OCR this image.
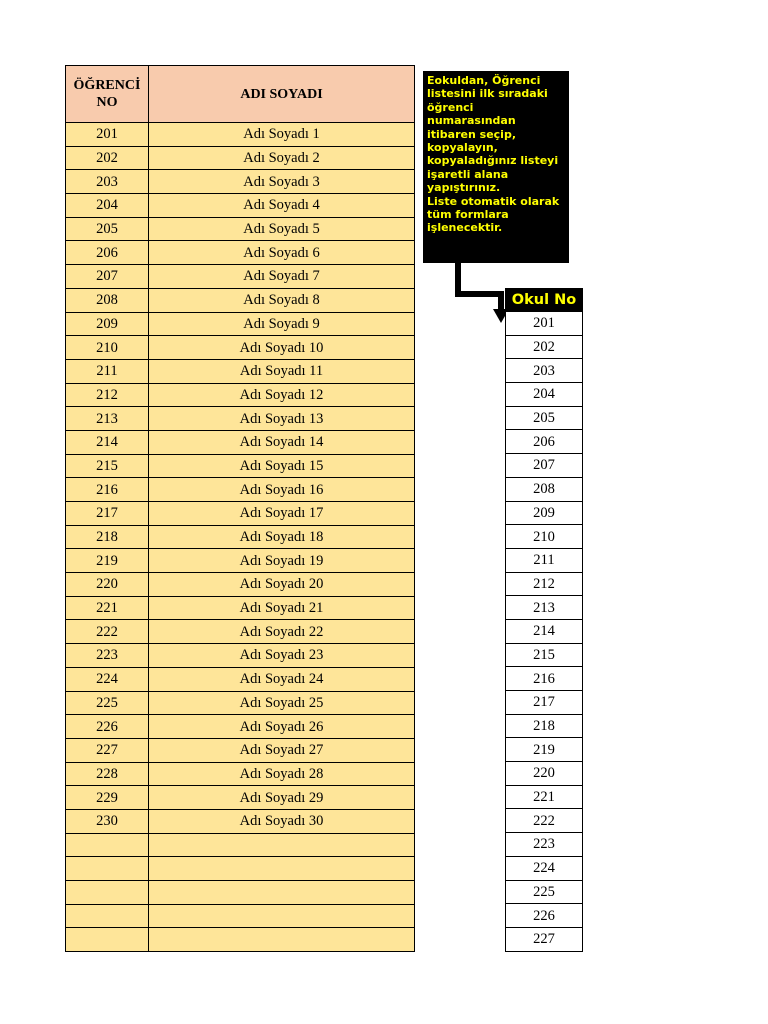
ÖĞRENCİ
NO	ADI SOYADI
201	Adı Soyadı 1
202	Adı Soyadı 2
203	Adı Soyadı 3
204	Adı Soyadı 4
205	Adı Soyadı 5
206	Adı Soyadı 6
207	Adı Soyadı 7
208	Adı Soyadı 8
209	Adı Soyadı 9
210	Adı Soyadı 10
211	Adı Soyadı 11
212	Adı Soyadı 12
213	Adı Soyadı 13
214	Adı Soyadı 14
215	Adı Soyadı 15
216	Adı Soyadı 16
217	Adı Soyadı 17
218	Adı Soyadı 18
219	Adı Soyadı 19
220	Adı Soyadı 20
221	Adı Soyadı 21
222	Adı Soyadı 22
223	Adı Soyadı 23
224	Adı Soyadı 24
225	Adı Soyadı 25
226	Adı Soyadı 26
227	Adı Soyadı 27
228	Adı Soyadı 28
229	Adı Soyadı 29
230	Adı Soyadı 30

Eokuldan, Öğrenci
listesini ilk sıradaki
öğrenci numarasından
itibaren seçip,
kopyalayın,
kopyaladığınız listeyi
işaretli alana
yapıştırınız.
Liste otomatik olarak
tüm formlara
işlenecektir.

Okul No
201
202
203
204
205
206
207
208
209
210
211
212
213
214
215
216
217
218
219
220
221
222
223
224
225
226
227
